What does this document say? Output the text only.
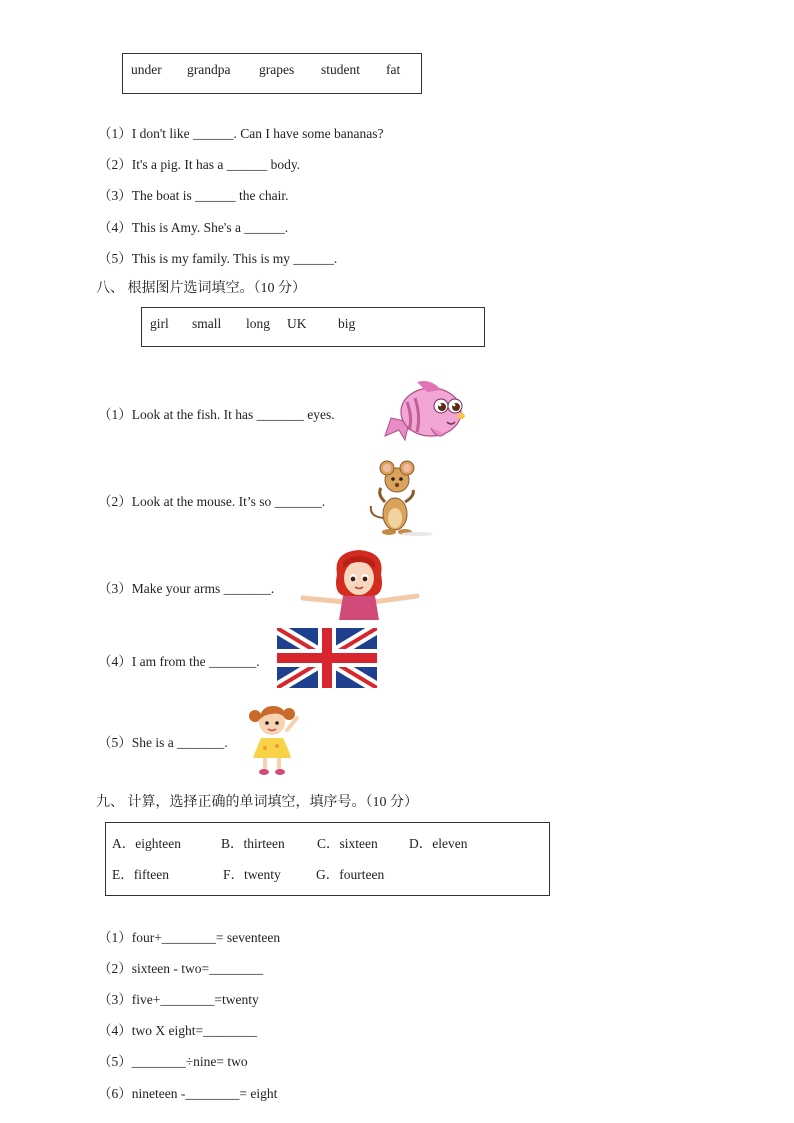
under grandpa grapes student fat
（1）I don't like ______. Can I have some bananas?
（2）It's a pig. It has a ______ body.
（3）The boat is ______ the chair.
（4）This is Amy. She's a ______.
（5）This is my family. This is my ______.
八、 根据图片选词填空。（10 分）
girl small long UK big
（1）Look at the fish. It has _______ eyes.
（2）Look at the mouse. It’s so _______.
（3）Make your arms _______.
（4）I am from the _______.
（5）She is a _______.
九、 计算，选择正确的单词填空，填序号。（10 分）
A．eighteen	B．thirteen C．sixteen D．eleven
E．fifteen	F．twenty	G．fourteen
（1）four+________= seventeen
（2）sixteen - two=________
（3）five+________=twenty
（4）two X eight=________
（5）________÷nine= two
（6）nineteen -________= eight
